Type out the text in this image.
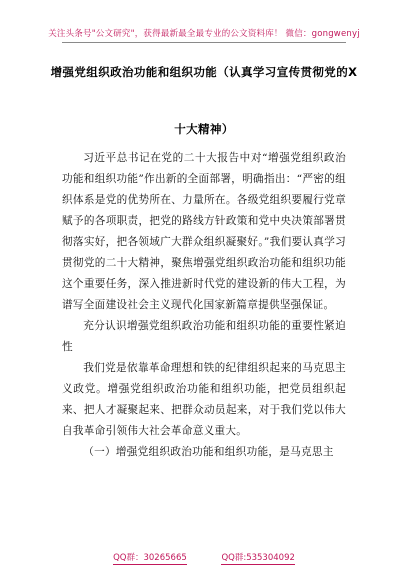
关注头条号"公文研究"，获得最新最全最专业的公文资料库！ 微信：gongwenyj
增强党组织政治功能和组织功能（认真学习宣传贯彻党的X
十大精神）

习近平总书记在党的二十大报告中对“增强党组织政治功能和组织功能”作出新的全面部署，明确指出：“严密的组织体系是党的优势所在、力量所在。各级党组织要履行党章赋予的各项职责，把党的路线方针政策和党中央决策部署贯彻落实好，把各领域广大群众组织凝聚好。”我们要认真学习贯彻党的二十大精神，聚焦增强党组织政治功能和组织功能这个重要任务，深入推进新时代党的建设新的伟大工程，为谱写全面建设社会主义现代化国家新篇章提供坚强保证。

充分认识增强党组织政治功能和组织功能的重要性紧迫性

我们党是依靠革命理想和铁的纪律组织起来的马克思主义政党。增强党组织政治功能和组织功能，把党员组织起来、把人才凝聚起来、把群众动员起来，对于我们党以伟大自我革命引领伟大社会革命意义重大。

（一）增强党组织政治功能和组织功能，是马克思主

QQ群：30265665	QQ群:535304092
